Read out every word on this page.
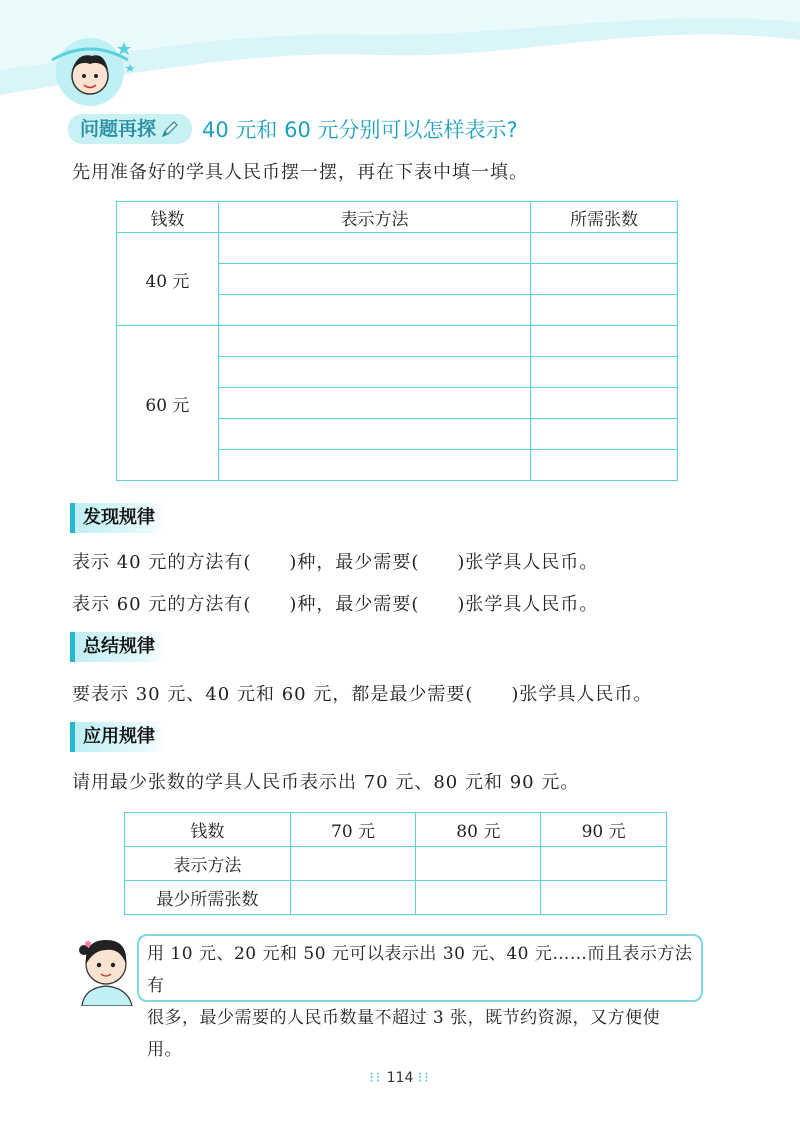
问题再探 40 元和 60 元分别可以怎样表示?
先用准备好的学具人民币摆一摆，再在下表中填一填。
钱数	表示方法	所需张数
40 元		

60 元		

发现规律
表示 40 元的方法有(　　)种，最少需要(　　)张学具人民币。
表示 60 元的方法有(　　)种，最少需要(　　)张学具人民币。
总结规律
要表示 30 元、40 元和 60 元，都是最少需要(　　)张学具人民币。
应用规律
请用最少张数的学具人民币表示出 70 元、80 元和 90 元。
钱数	70 元	80 元	90 元
表示方法			
最少所需张数			
用 10 元、20 元和 50 元可以表示出 30 元、40 元……而且表示方法有
很多，最少需要的人民币数量不超过 3 张，既节约资源，又方便使用。
⁝⁝ 114 ⁝⁝
